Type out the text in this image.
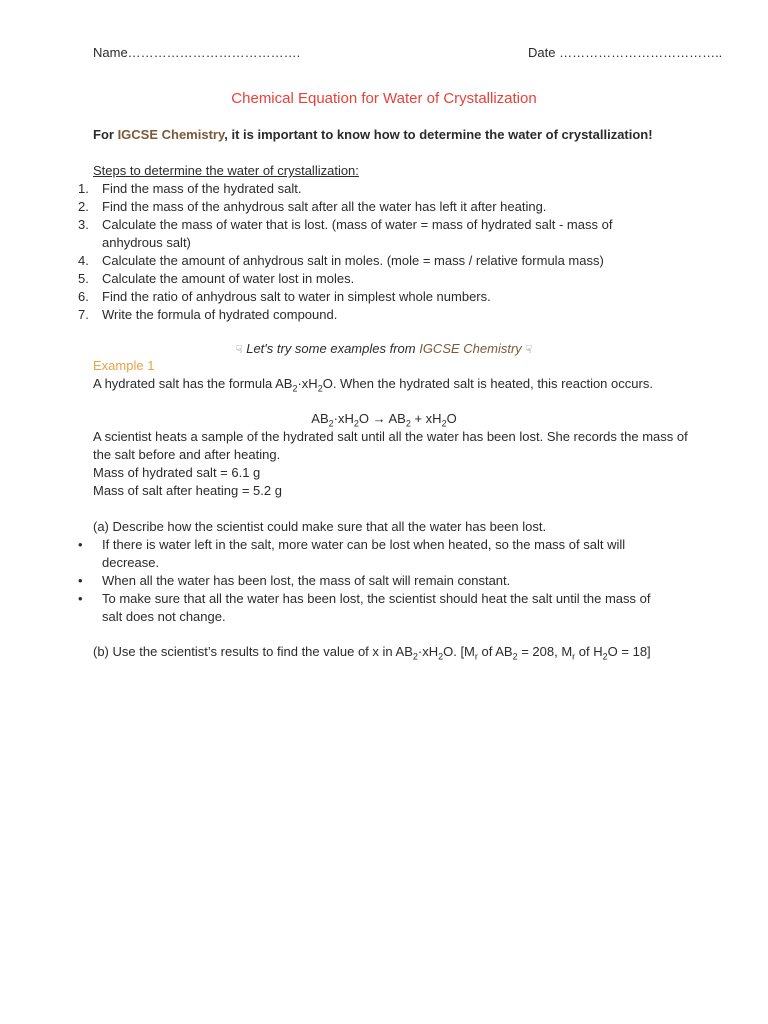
Name………………………………….	Date ………………………………..
Chemical Equation for Water of Crystallization
For IGCSE Chemistry, it is important to know how to determine the water of crystallization!
Steps to determine the water of crystallization:
1. Find the mass of the hydrated salt.
2. Find the mass of the anhydrous salt after all the water has left it after heating.
3. Calculate the mass of water that is lost. (mass of water = mass of hydrated salt - mass of anhydrous salt)
4. Calculate the amount of anhydrous salt in moles. (mole = mass / relative formula mass)
5. Calculate the amount of water lost in moles.
6. Find the ratio of anhydrous salt to water in simplest whole numbers.
7. Write the formula of hydrated compound.
☟ Let's try some examples from IGCSE Chemistry ☟
Example 1
A hydrated salt has the formula $AB_2\cdot xH_2O$. When the hydrated salt is heated, this reaction occurs.
$AB_2\cdot xH_2O \to AB_2 + xH_2O$
A scientist heats a sample of the hydrated salt until all the water has been lost. She records the mass of the salt before and after heating.
Mass of hydrated salt = 6.1 g
Mass of salt after heating = 5.2 g
(a) Describe how the scientist could make sure that all the water has been lost.
• If there is water left in the salt, more water can be lost when heated, so the mass of salt will decrease.
• When all the water has been lost, the mass of salt will remain constant.
• To make sure that all the water has been lost, the scientist should heat the salt until the mass of salt does not change.
(b) Use the scientist’s results to find the value of x in $AB_2\cdot xH_2O$. [$M_r$ of $AB_2 = 208$, $M_r$ of $H_2O = 18$]
